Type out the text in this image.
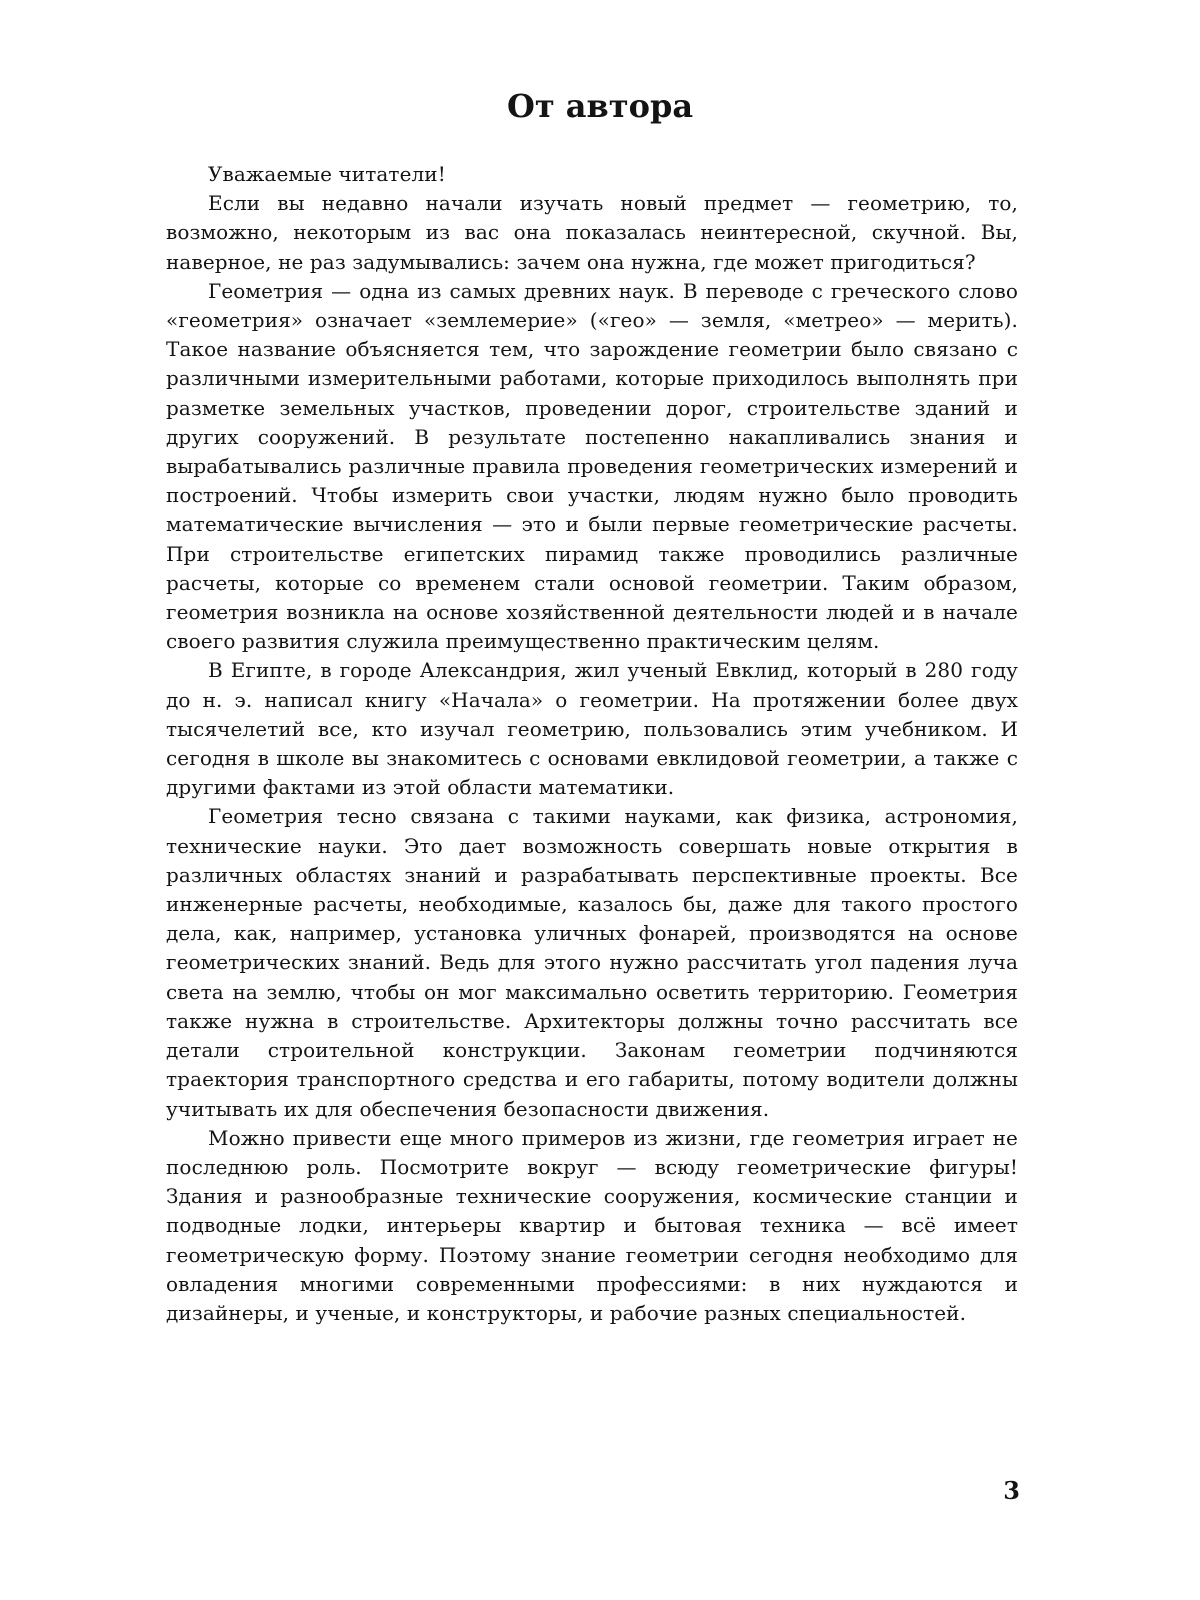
От автора

Уважаемые читатели!

Если вы недавно начали изучать новый предмет — геометрию, то, возможно, некоторым из вас она показалась неинтересной, скучной. Вы, наверное, не раз задумывались: зачем она нужна, где может пригодиться?

Геометрия — одна из самых древних наук. В переводе с греческого слово «геометрия» означает «землемерие» («гео» — земля, «метрео» — мерить). Такое название объясняется тем, что зарождение геометрии было связано с различными измерительными работами, которые приходилось выполнять при разметке земельных участков, проведении дорог, строительстве зданий и других сооружений. В результате постепенно накапливались знания и вырабатывались различные правила проведения геометрических измерений и построений. Чтобы измерить свои участки, людям нужно было проводить математические вычисления — это и были первые геометрические расчеты. При строительстве египетских пирамид также проводились различные расчеты, которые со временем стали основой геометрии. Таким образом, геометрия возникла на основе хозяйственной деятельности людей и в начале своего развития служила преимущественно практическим целям.

В Египте, в городе Александрия, жил ученый Евклид, который в 280 году до н. э. написал книгу «Начала» о геометрии. На протяжении более двух тысячелетий все, кто изучал геометрию, пользовались этим учебником. И сегодня в школе вы знакомитесь с основами евклидовой геометрии, а также с другими фактами из этой области математики.

Геометрия тесно связана с такими науками, как физика, астрономия, технические науки. Это дает возможность совершать новые открытия в различных областях знаний и разрабатывать перспективные проекты. Все инженерные расчеты, необходимые, казалось бы, даже для такого простого дела, как, например, установка уличных фонарей, производятся на основе геометрических знаний. Ведь для этого нужно рассчитать угол падения луча света на землю, чтобы он мог максимально осветить территорию. Геометрия также нужна в строительстве. Архитекторы должны точно рассчитать все детали строительной конструкции. Законам геометрии подчиняются траектория транспортного средства и его габариты, потому водители должны учитывать их для обеспечения безопасности движения.

Можно привести еще много примеров из жизни, где геометрия играет не последнюю роль. Посмотрите вокруг — всюду геометрические фигуры! Здания и разнообразные технические сооружения, космические станции и подводные лодки, интерьеры квартир и бытовая техника — всё имеет геометрическую форму. Поэтому знание геометрии сегодня необходимо для овладения многими современными профессиями: в них нуждаются и дизайнеры, и ученые, и конструкторы, и рабочие разных специальностей.

3
